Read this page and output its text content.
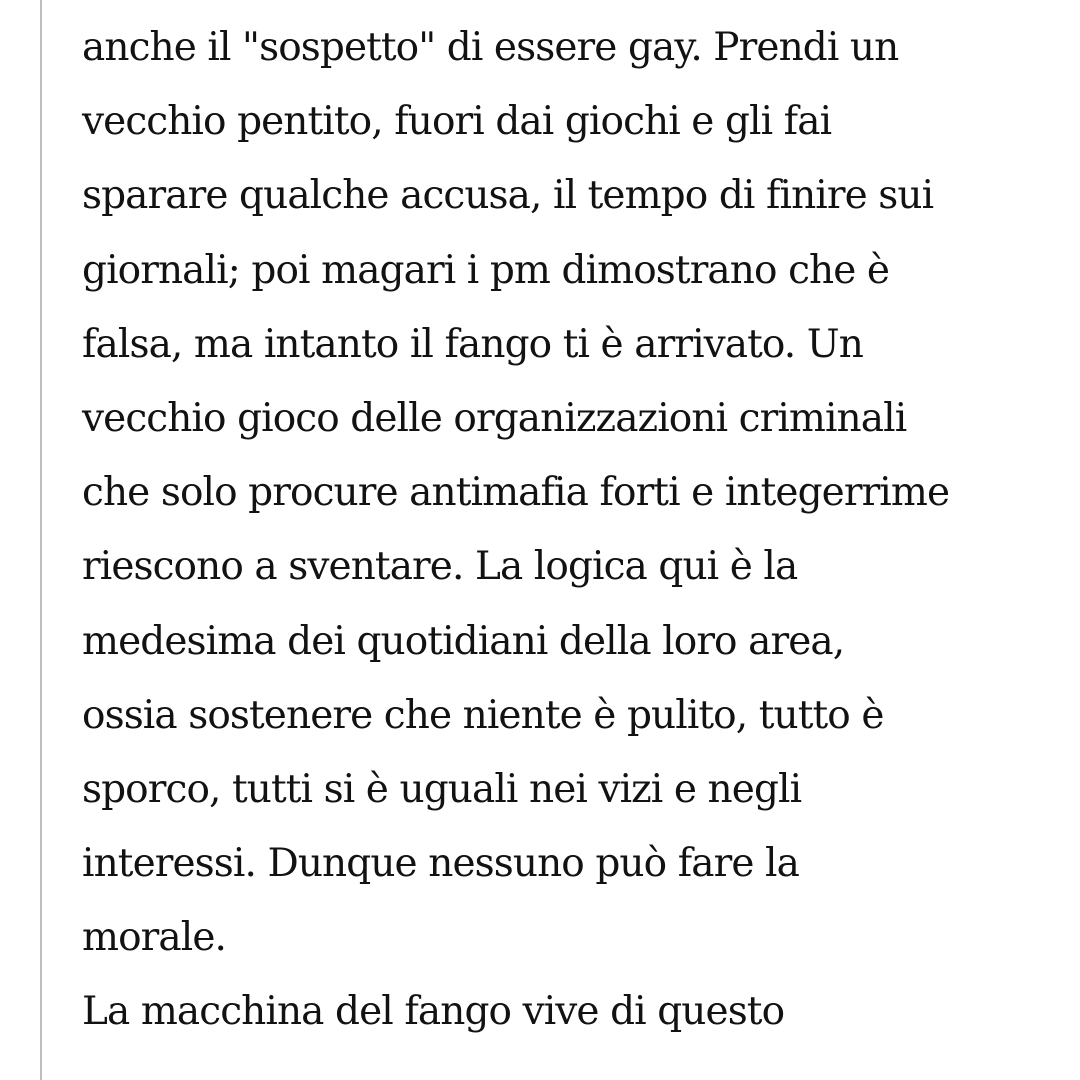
anche il "sospetto" di essere gay. Prendi un
vecchio pentito, fuori dai giochi e gli fai
sparare qualche accusa, il tempo di finire sui
giornali; poi magari i pm dimostrano che è
falsa, ma intanto il fango ti è arrivato. Un
vecchio gioco delle organizzazioni criminali
che solo procure antimafia forti e integerrime
riescono a sventare. La logica qui è la
medesima dei quotidiani della loro area,
ossia sostenere che niente è pulito, tutto è
sporco, tutti si è uguali nei vizi e negli
interessi. Dunque nessuno può fare la
morale.
La macchina del fango vive di questo
